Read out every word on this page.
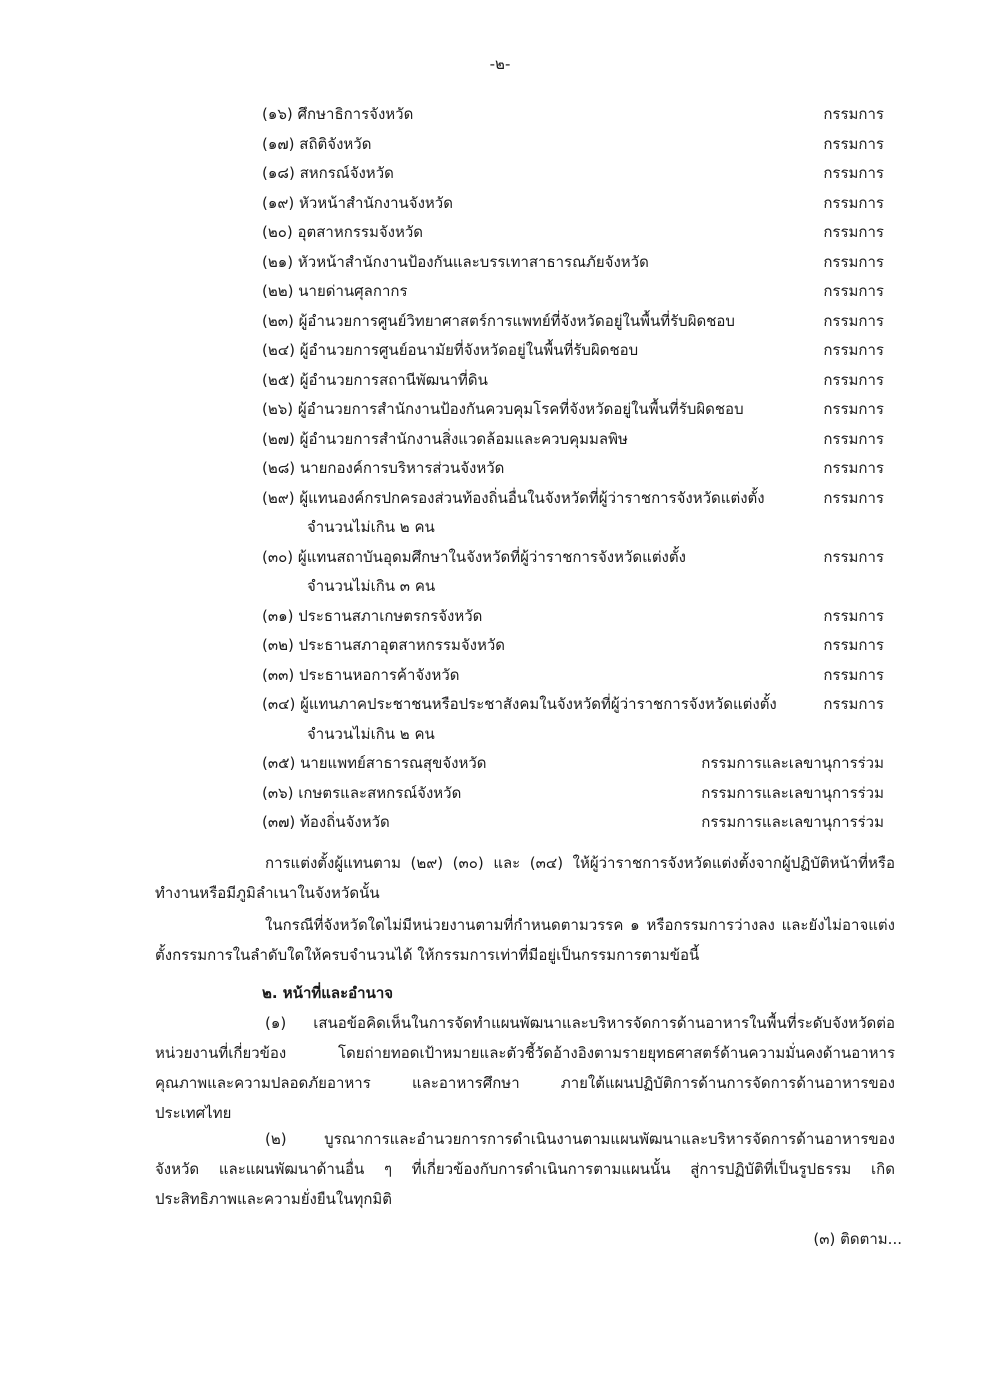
-๒-
(๑๖) ศึกษาธิการจังหวัด	กรรมการ
(๑๗) สถิติจังหวัด	กรรมการ
(๑๘) สหกรณ์จังหวัด	กรรมการ
(๑๙) หัวหน้าสำนักงานจังหวัด	กรรมการ
(๒๐) อุตสาหกรรมจังหวัด	กรรมการ
(๒๑) หัวหน้าสำนักงานป้องกันและบรรเทาสาธารณภัยจังหวัด	กรรมการ
(๒๒) นายด่านศุลกากร	กรรมการ
(๒๓) ผู้อำนวยการศูนย์วิทยาศาสตร์การแพทย์ที่จังหวัดอยู่ในพื้นที่รับผิดชอบ	กรรมการ
(๒๔) ผู้อำนวยการศูนย์อนามัยที่จังหวัดอยู่ในพื้นที่รับผิดชอบ	กรรมการ
(๒๕) ผู้อำนวยการสถานีพัฒนาที่ดิน	กรรมการ
(๒๖) ผู้อำนวยการสำนักงานป้องกันควบคุมโรคที่จังหวัดอยู่ในพื้นที่รับผิดชอบ	กรรมการ
(๒๗) ผู้อำนวยการสำนักงานสิ่งแวดล้อมและควบคุมมลพิษ	กรรมการ
(๒๘) นายกองค์การบริหารส่วนจังหวัด	กรรมการ
(๒๙) ผู้แทนองค์กรปกครองส่วนท้องถิ่นอื่นในจังหวัดที่ผู้ว่าราชการจังหวัดแต่งตั้ง	กรรมการ
จำนวนไม่เกิน ๒ คน
(๓๐) ผู้แทนสถาบันอุดมศึกษาในจังหวัดที่ผู้ว่าราชการจังหวัดแต่งตั้ง	กรรมการ
จำนวนไม่เกิน ๓ คน
(๓๑) ประธานสภาเกษตรกรจังหวัด	กรรมการ
(๓๒) ประธานสภาอุตสาหกรรมจังหวัด	กรรมการ
(๓๓) ประธานหอการค้าจังหวัด	กรรมการ
(๓๔) ผู้แทนภาคประชาชนหรือประชาสังคมในจังหวัดที่ผู้ว่าราชการจังหวัดแต่งตั้ง	กรรมการ
จำนวนไม่เกิน ๒ คน
(๓๕) นายแพทย์สาธารณสุขจังหวัด	กรรมการและเลขานุการร่วม
(๓๖) เกษตรและสหกรณ์จังหวัด	กรรมการและเลขานุการร่วม
(๓๗) ท้องถิ่นจังหวัด	กรรมการและเลขานุการร่วม

การแต่งตั้งผู้แทนตาม (๒๙) (๓๐) และ (๓๔) ให้ผู้ว่าราชการจังหวัดแต่งตั้งจากผู้ปฏิบัติหน้าที่หรือทำงานหรือมีภูมิลำเนาในจังหวัดนั้น

ในกรณีที่จังหวัดใดไม่มีหน่วยงานตามที่กำหนดตามวรรค ๑ หรือกรรมการว่างลง และยังไม่อาจแต่งตั้งกรรมการในลำดับใดให้ครบจำนวนได้ ให้กรรมการเท่าที่มีอยู่เป็นกรรมการตามข้อนี้

๒. หน้าที่และอำนาจ

(๑) เสนอข้อคิดเห็นในการจัดทำแผนพัฒนาและบริหารจัดการด้านอาหารในพื้นที่ระดับจังหวัดต่อหน่วยงานที่เกี่ยวข้อง โดยถ่ายทอดเป้าหมายและตัวชี้วัดอ้างอิงตามรายยุทธศาสตร์ด้านความมั่นคงด้านอาหาร คุณภาพและความปลอดภัยอาหาร และอาหารศึกษา ภายใต้แผนปฏิบัติการด้านการจัดการด้านอาหารของประเทศไทย

(๒) บูรณาการและอำนวยการการดำเนินงานตามแผนพัฒนาและบริหารจัดการด้านอาหารของจังหวัด และแผนพัฒนาด้านอื่น ๆ ที่เกี่ยวข้องกับการดำเนินการตามแผนนั้น สู่การปฏิบัติที่เป็นรูปธรรม เกิดประสิทธิภาพและความยั่งยืนในทุกมิติ

(๓) ติดตาม...
